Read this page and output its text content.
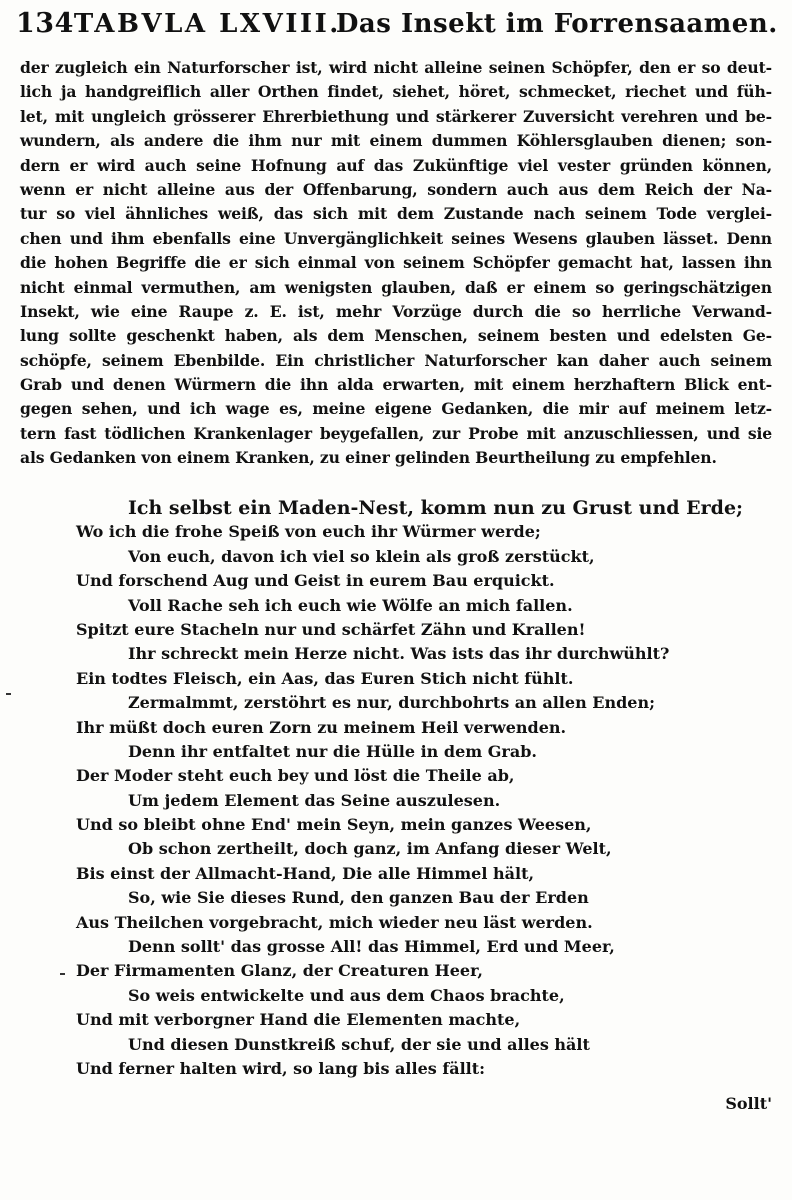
134 TABVLA LXVIII.
Das Insekt im Forrensaamen.
der zugleich ein Naturforscher ist, wird nicht alleine seinen Schöpfer, den er so deut-
lich ja handgreiflich aller Orthen findet, siehet, höret, schmecket, riechet und füh-
let, mit ungleich grösserer Ehrerbiethung und stärkerer Zuversicht verehren und be-
wundern, als andere die ihm nur mit einem dummen Köhlersglauben dienen; son-
dern er wird auch seine Hofnung auf das Zukünftige viel vester gründen können,
wenn er nicht alleine aus der Offenbarung, sondern auch aus dem Reich der Na-
tur so viel ähnliches weiß, das sich mit dem Zustande nach seinem Tode verglei-
chen und ihm ebenfalls eine Unvergänglichkeit seines Wesens glauben lässet. Denn
die hohen Begriffe die er sich einmal von seinem Schöpfer gemacht hat, lassen ihn
nicht einmal vermuthen, am wenigsten glauben, daß er einem so geringschätzigen
Insekt, wie eine Raupe z. E. ist, mehr Vorzüge durch die so herrliche Verwand-
lung sollte geschenkt haben, als dem Menschen, seinem besten und edelsten Ge-
schöpfe, seinem Ebenbilde. Ein christlicher Naturforscher kan daher auch seinem
Grab und denen Würmern die ihn alda erwarten, mit einem herzhaftern Blick ent-
gegen sehen, und ich wage es, meine eigene Gedanken, die mir auf meinem letz-
tern fast tödlichen Krankenlager beygefallen, zur Probe mit anzuschliessen, und sie
als Gedanken von einem Kranken, zu einer gelinden Beurtheilung zu empfehlen.
Ich selbst ein Maden-Nest, komm nun zu Grust und Erde;
Wo ich die frohe Speiß von euch ihr Würmer werde;
Von euch, davon ich viel so klein als groß zerstückt,
Und forschend Aug und Geist in eurem Bau erquickt.
Voll Rache seh ich euch wie Wölfe an mich fallen.
Spitzt eure Stacheln nur und schärfet Zähn und Krallen!
Ihr schreckt mein Herze nicht. Was ists das ihr durchwühlt?
Ein todtes Fleisch, ein Aas, das Euren Stich nicht fühlt.
Zermalmmt, zerstöhrt es nur, durchbohrts an allen Enden;
Ihr müßt doch euren Zorn zu meinem Heil verwenden.
Denn ihr entfaltet nur die Hülle in dem Grab.
Der Moder steht euch bey und löst die Theile ab,
Um jedem Element das Seine auszulesen.
Und so bleibt ohne End' mein Seyn, mein ganzes Weesen,
Ob schon zertheilt, doch ganz, im Anfang dieser Welt,
Bis einst der Allmacht-Hand, Die alle Himmel hält,
So, wie Sie dieses Rund, den ganzen Bau der Erden
Aus Theilchen vorgebracht, mich wieder neu läst werden.
Denn sollt' das grosse All! das Himmel, Erd und Meer,
Der Firmamenten Glanz, der Creaturen Heer,
So weis entwickelte und aus dem Chaos brachte,
Und mit verborgner Hand die Elementen machte,
Und diesen Dunstkreiß schuf, der sie und alles hält
Und ferner halten wird, so lang bis alles fällt:
Sollt'
